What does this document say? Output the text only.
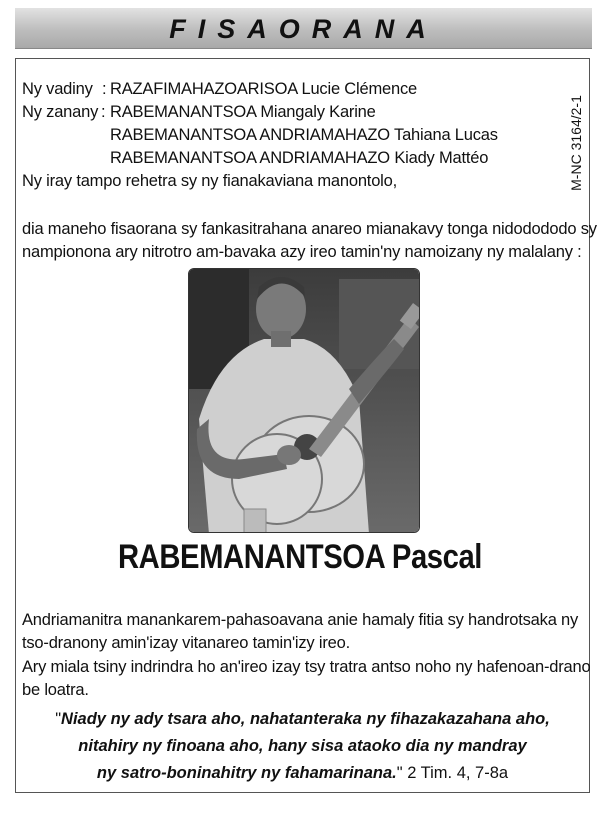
FISAORANA
Ny vadiny : RAZAFIMAHAZOARISOA Lucie Clémence
Ny zanany : RABEMANANTSOA Miangaly Karine
RABEMANANTSOA ANDRIAMAHAZO Tahiana Lucas
RABEMANANTSOA ANDRIAMAHAZO Kiady Mattéo
Ny iray tampo rehetra sy ny fianakaviana manontolo,	M-NC 3164/2-1
dia maneho fisaorana sy fankasitrahana anareo mianakavy tonga nidodododo sy
nampionona ary nitrotro am-bavaka azy ireo tamin'ny namoizany ny malalany :
RABEMANANTSOA Pascal
Andriamanitra manankarem-pahasoavana anie hamaly fitia sy handrotsaka ny
tso-dranony amin'izay vitanareo tamin'izy ireo.
Ary miala tsiny indrindra ho an'ireo izay tsy tratra antso noho ny hafenoan-drano
be loatra.
"Niady ny ady tsara aho, nahatanteraka ny fihazakazahana aho,
nitahiry ny finoana aho, hany sisa ataoko dia ny mandray
ny satro-boninahitry ny fahamarinana." 2 Tim. 4, 7-8a
